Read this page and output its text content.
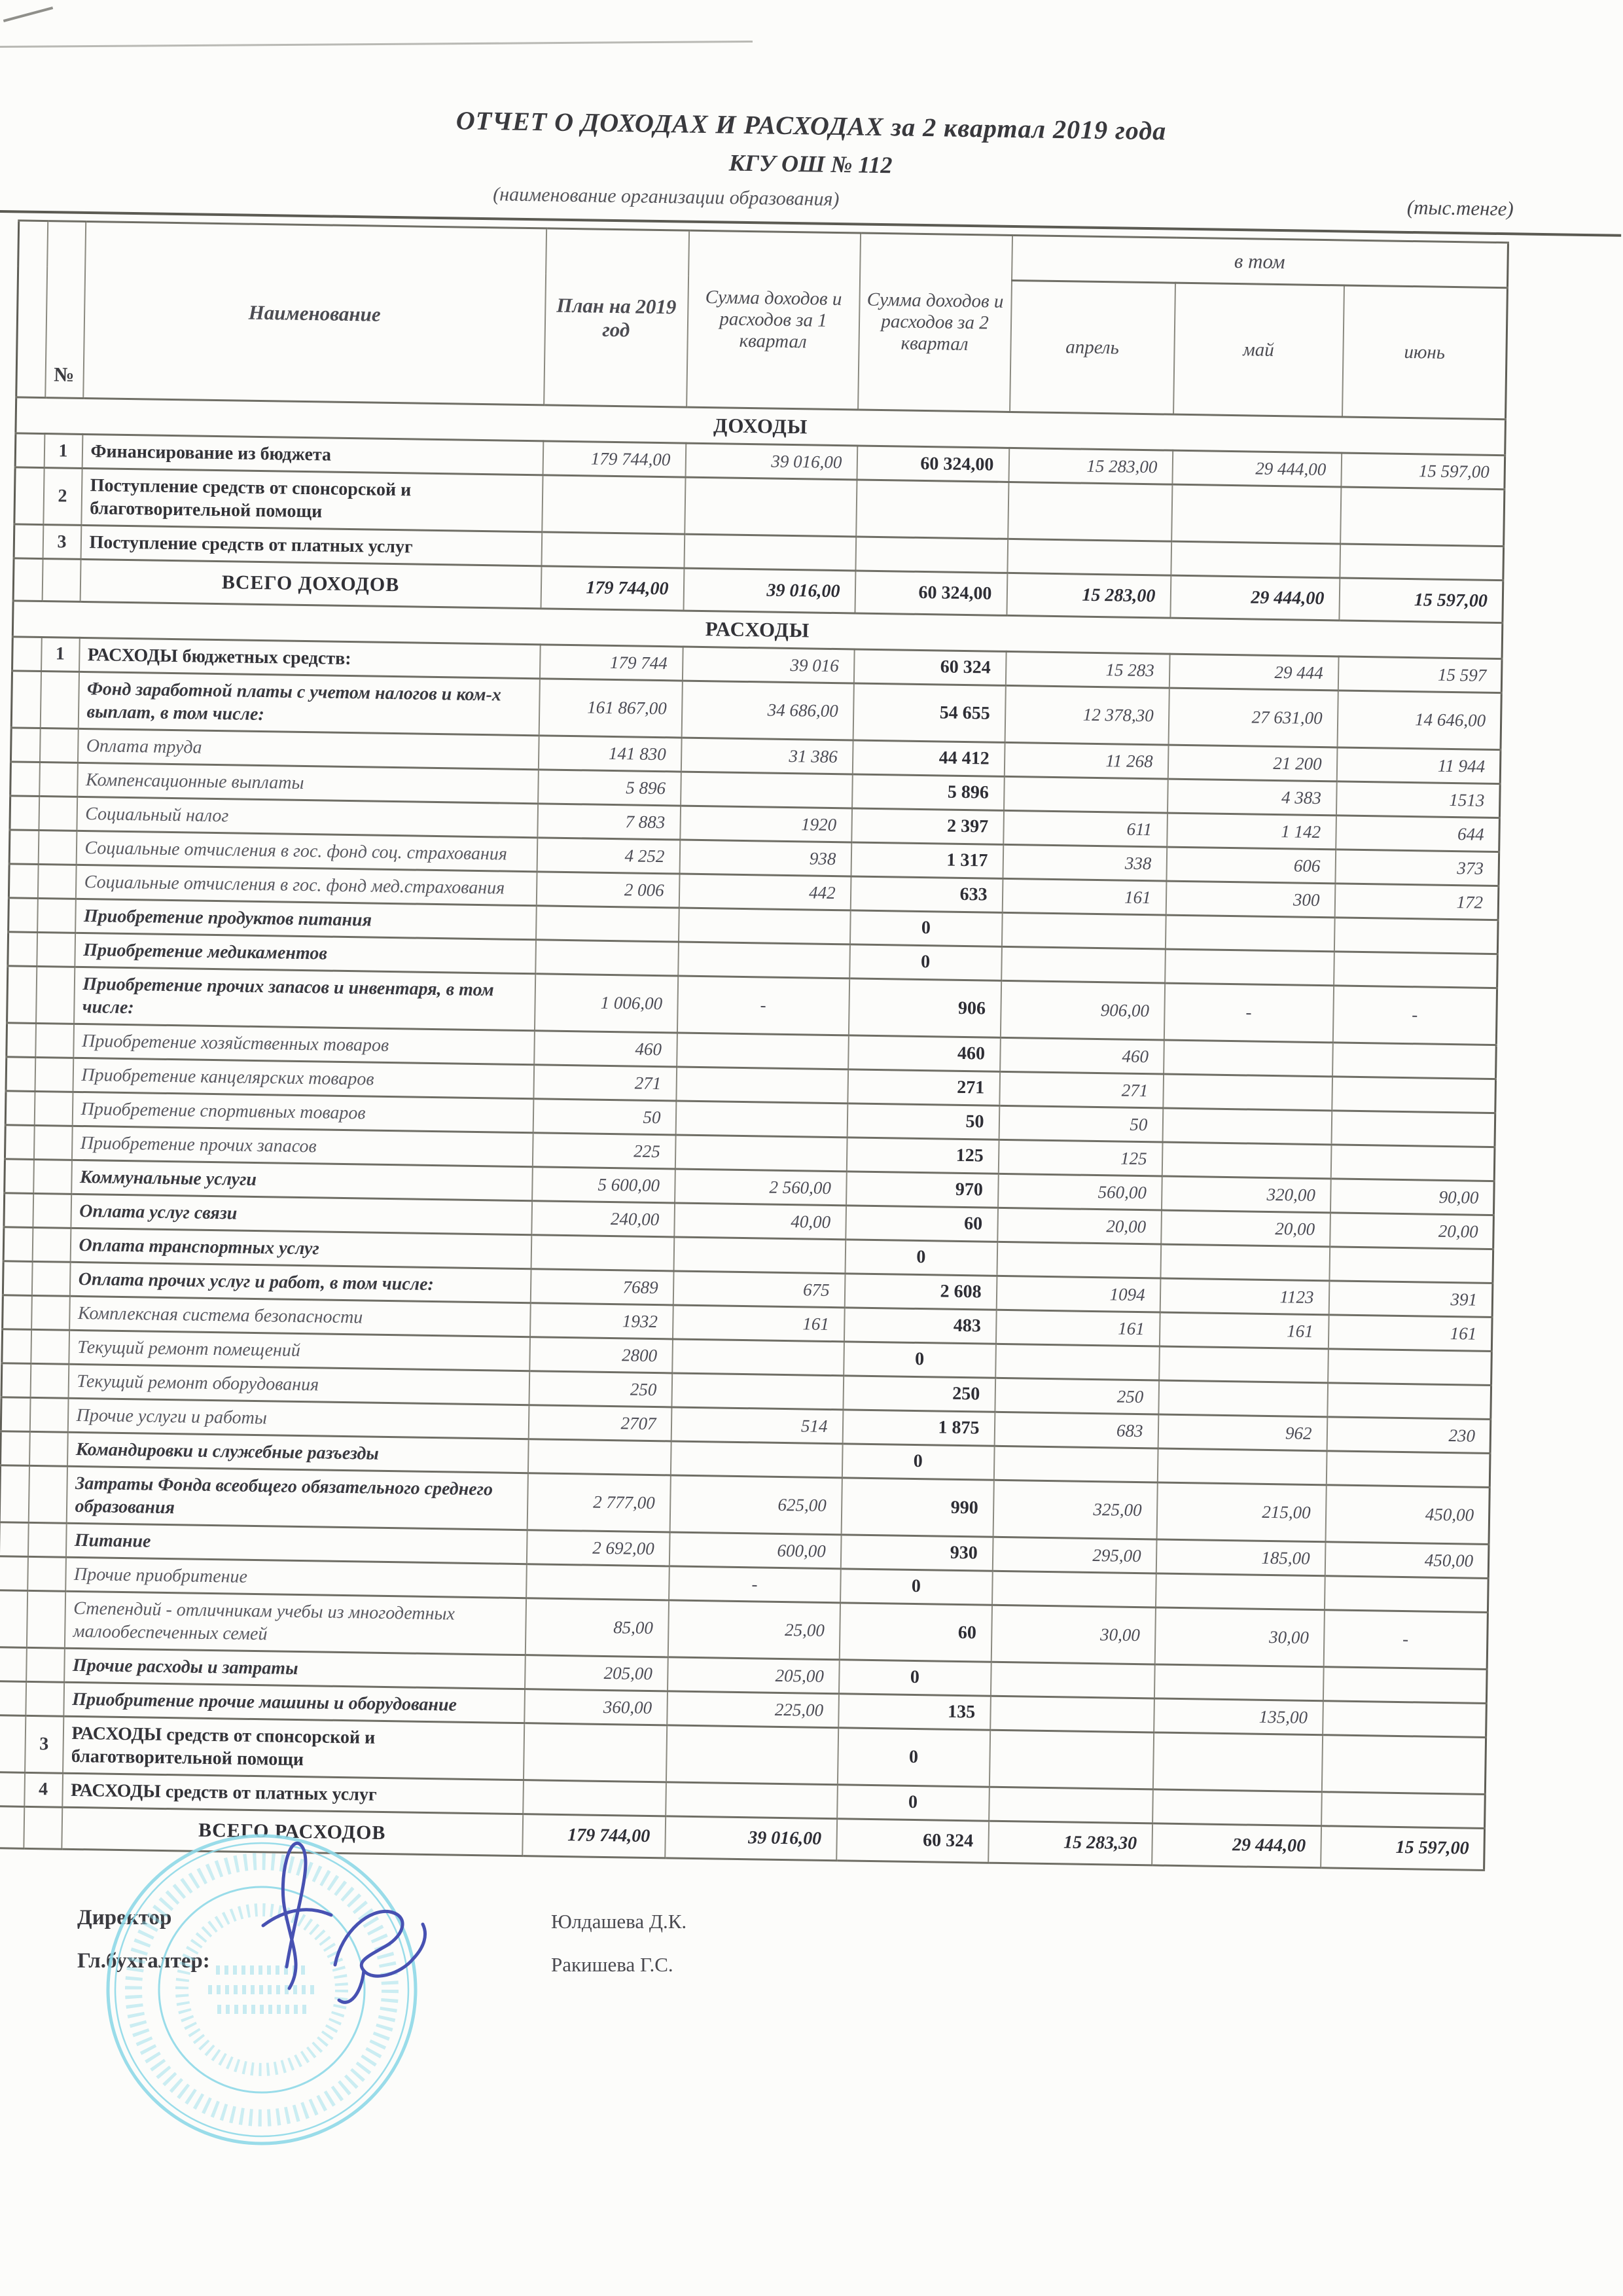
ОТЧЕТ О ДОХОДАХ И РАСХОДАХ за 2 квартал 2019 года
КГУ ОШ № 112
(наименование организации образования)	(тыс.тенге)
	№	Наименование	План на 2019 год	Сумма доходов и расходов за 1 квартал	Сумма доходов и расходов за 2 квартал	в том		
						апрель	май	июнь
ДОХОДЫ								
	1	Финансирование из бюджета	179 744,00	39 016,00	60 324,00	15 283,00	29 444,00	15 597,00
	2	Поступление средств от спонсорской и благотворительной помощи						
	3	Поступление средств от платных услуг						
		ВСЕГО ДОХОДОВ	179 744,00	39 016,00	60 324,00	15 283,00	29 444,00	15 597,00
РАСХОДЫ								
	1	РАСХОДЫ бюджетных средств:	179 744	39 016	60 324	15 283	29 444	15 597
		Фонд заработной платы с учетом налогов и ком-х выплат, в том числе:	161 867,00	34 686,00	54 655	12 378,30	27 631,00	14 646,00
		Оплата труда	141 830	31 386	44 412	11 268	21 200	11 944
		Компенсационные выплаты	5 896		5 896		4 383	1513
		Социальный налог	7 883	1920	2 397	611	1 142	644
		Социальные отчисления в гос. фонд соц. страхования	4 252	938	1 317	338	606	373
		Социальные отчисления в гос. фонд мед.страхования	2 006	442	633	161	300	172
		Приобретение продуктов питания			0			
		Приобретение медикаментов			0			
		Приобретение прочих запасов и инвентаря, в том числе:	1 006,00	-	906	906,00	-	-
		Приобретение хозяйственных товаров	460		460	460		
		Приобретение канцелярских товаров	271		271	271		
		Приобретение спортивных товаров	50		50	50		
		Приобретение прочих запасов	225		125	125		
		Коммунальные услуги	5 600,00	2 560,00	970	560,00	320,00	90,00
		Оплата услуг связи	240,00	40,00	60	20,00	20,00	20,00
		Оплата транспортных услуг			0			
		Оплата прочих услуг и работ, в том числе:	7689	675	2 608	1094	1123	391
		Комплексная система безопасности	1932	161	483	161	161	161
		Текущий ремонт помещений	2800		0			
		Текущий ремонт оборудования	250		250	250		
		Прочие услуги и работы	2707	514	1 875	683	962	230
		Командировки и служебные разъезды			0			
		Затраты Фонда всеобщего обязательного среднего образования	2 777,00	625,00	990	325,00	215,00	450,00
		Питание	2 692,00	600,00	930	295,00	185,00	450,00
		Прочие приобритение		-	0			
		Степендий - отличникам учебы из многодетных малообеспеченных семей	85,00	25,00	60	30,00	30,00	-
		Прочие расходы и затраты	205,00	205,00	0			
		Приобритение прочие машины и оборудование	360,00	225,00	135		135,00	
	3	РАСХОДЫ средств от спонсорской и благотворительной помощи			0			
	4	РАСХОДЫ средств от платных услуг			0			
		ВСЕГО РАСХОДОВ	179 744,00	39 016,00	60 324	15 283,30	29 444,00	15 597,00
Директор	Юлдашева Д.К.
Гл.бухгалтер:	Ракишева Г.С.
